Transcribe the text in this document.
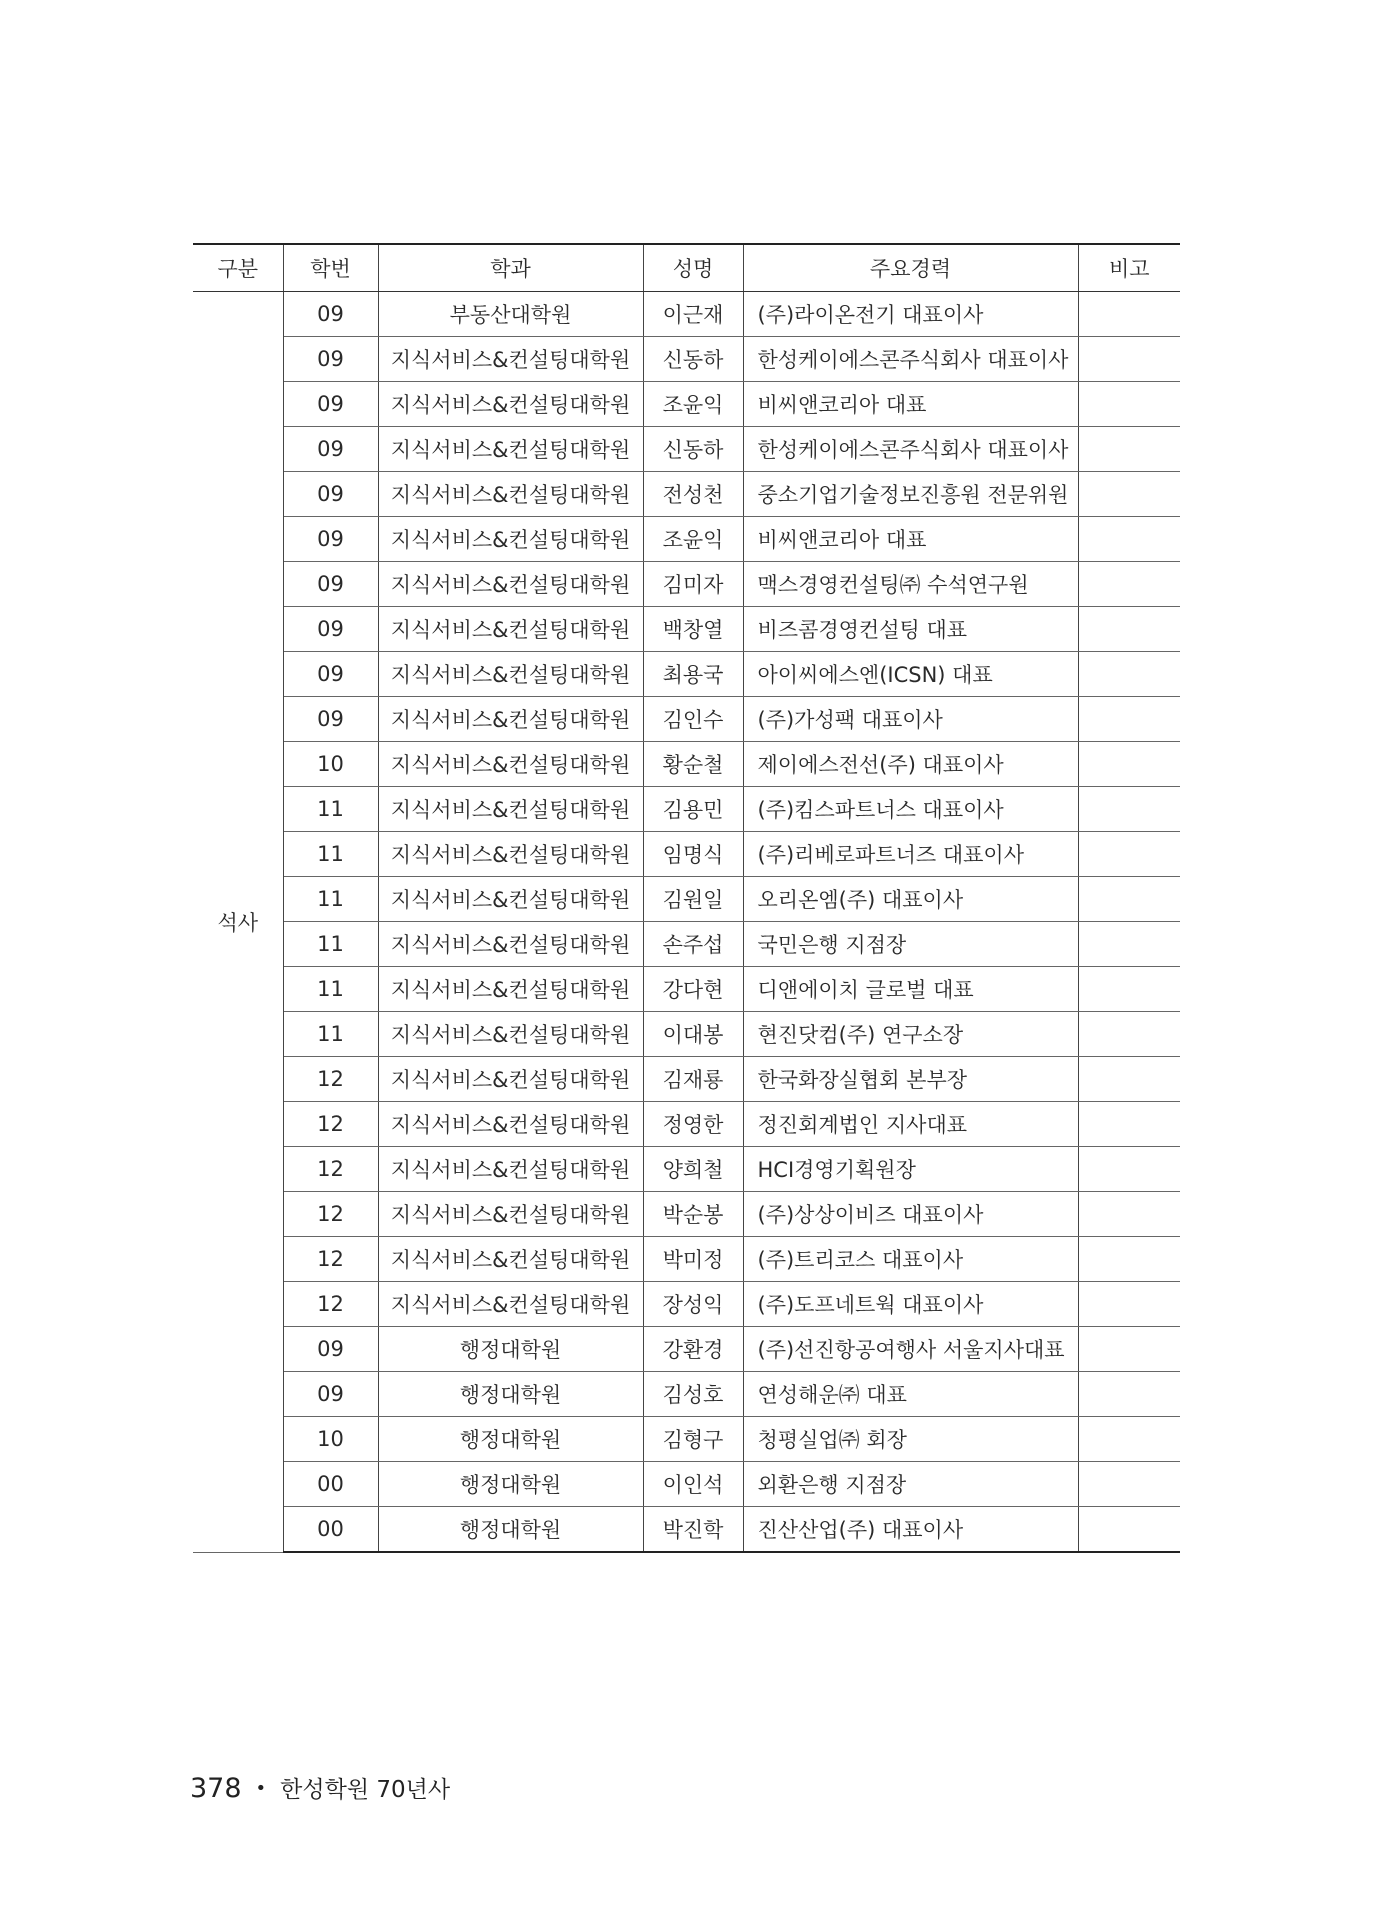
구분	학번	학과	성명	주요경력	비고
석사	09	부동산대학원	이근재	(주)라이온전기 대표이사	
	09	지식서비스&컨설팅대학원	신동하	한성케이에스콘주식회사 대표이사	
	09	지식서비스&컨설팅대학원	조윤익	비씨앤코리아 대표	
	09	지식서비스&컨설팅대학원	신동하	한성케이에스콘주식회사 대표이사	
	09	지식서비스&컨설팅대학원	전성천	중소기업기술정보진흥원 전문위원	
	09	지식서비스&컨설팅대학원	조윤익	비씨앤코리아 대표	
	09	지식서비스&컨설팅대학원	김미자	맥스경영컨설팅㈜ 수석연구원	
	09	지식서비스&컨설팅대학원	백창열	비즈콤경영컨설팅 대표	
	09	지식서비스&컨설팅대학원	최용국	아이씨에스엔(ICSN) 대표	
	09	지식서비스&컨설팅대학원	김인수	(주)가성팩 대표이사	
	10	지식서비스&컨설팅대학원	황순철	제이에스전선(주) 대표이사	
	11	지식서비스&컨설팅대학원	김용민	(주)킴스파트너스 대표이사	
	11	지식서비스&컨설팅대학원	임명식	(주)리베로파트너즈 대표이사	
	11	지식서비스&컨설팅대학원	김원일	오리온엠(주) 대표이사	
	11	지식서비스&컨설팅대학원	손주섭	국민은행 지점장	
	11	지식서비스&컨설팅대학원	강다현	디앤에이치 글로벌 대표	
	11	지식서비스&컨설팅대학원	이대봉	현진닷컴(주) 연구소장	
	12	지식서비스&컨설팅대학원	김재룡	한국화장실협회 본부장	
	12	지식서비스&컨설팅대학원	정영한	정진회계법인 지사대표	
	12	지식서비스&컨설팅대학원	양희철	HCI경영기획원장	
	12	지식서비스&컨설팅대학원	박순봉	(주)상상이비즈 대표이사	
	12	지식서비스&컨설팅대학원	박미정	(주)트리코스 대표이사	
	12	지식서비스&컨설팅대학원	장성익	(주)도프네트웍 대표이사	
	09	행정대학원	강환경	(주)선진항공여행사 서울지사대표	
	09	행정대학원	김성호	연성해운㈜ 대표	
	10	행정대학원	김형구	청평실업㈜ 회장	
	00	행정대학원	이인석	외환은행 지점장	
	00	행정대학원	박진학	진산산업(주) 대표이사	
378 • 한성학원 70년사
